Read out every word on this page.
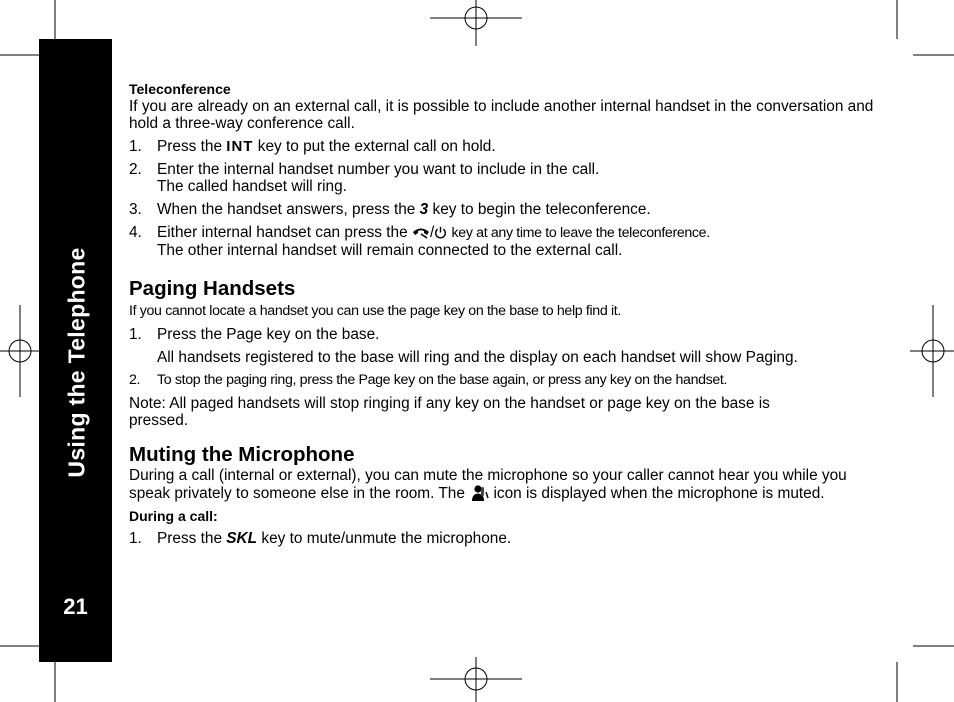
Using the Telephone
21

Teleconference

If you are already on an external call, it is possible to include another internal handset in the conversation and hold a three-way conference call.

1. Press the INT key to put the external call on hold.

2. Enter the internal handset number you want to include in the call.
The called handset will ring.

3. When the handset answers, press the 3 key to begin the teleconference.

4. Either internal handset can press the / key at any time to leave the teleconference.
The other internal handset will remain connected to the external call.

Paging Handsets

If you cannot locate a handset you can use the page key on the base to help find it.

1. Press the Page key on the base.

All handsets registered to the base will ring and the display on each handset will show Paging.

2. To stop the paging ring, press the Page key on the base again, or press any key on the handset.

Note: All paged handsets will stop ringing if any key on the handset or page key on the base is pressed.

Muting the Microphone

During a call (internal or external), you can mute the microphone so your caller cannot hear you while you speak privately to someone else in the room. The icon is displayed when the microphone is muted.

During a call:

1. Press the SKL key to mute/unmute the microphone.
